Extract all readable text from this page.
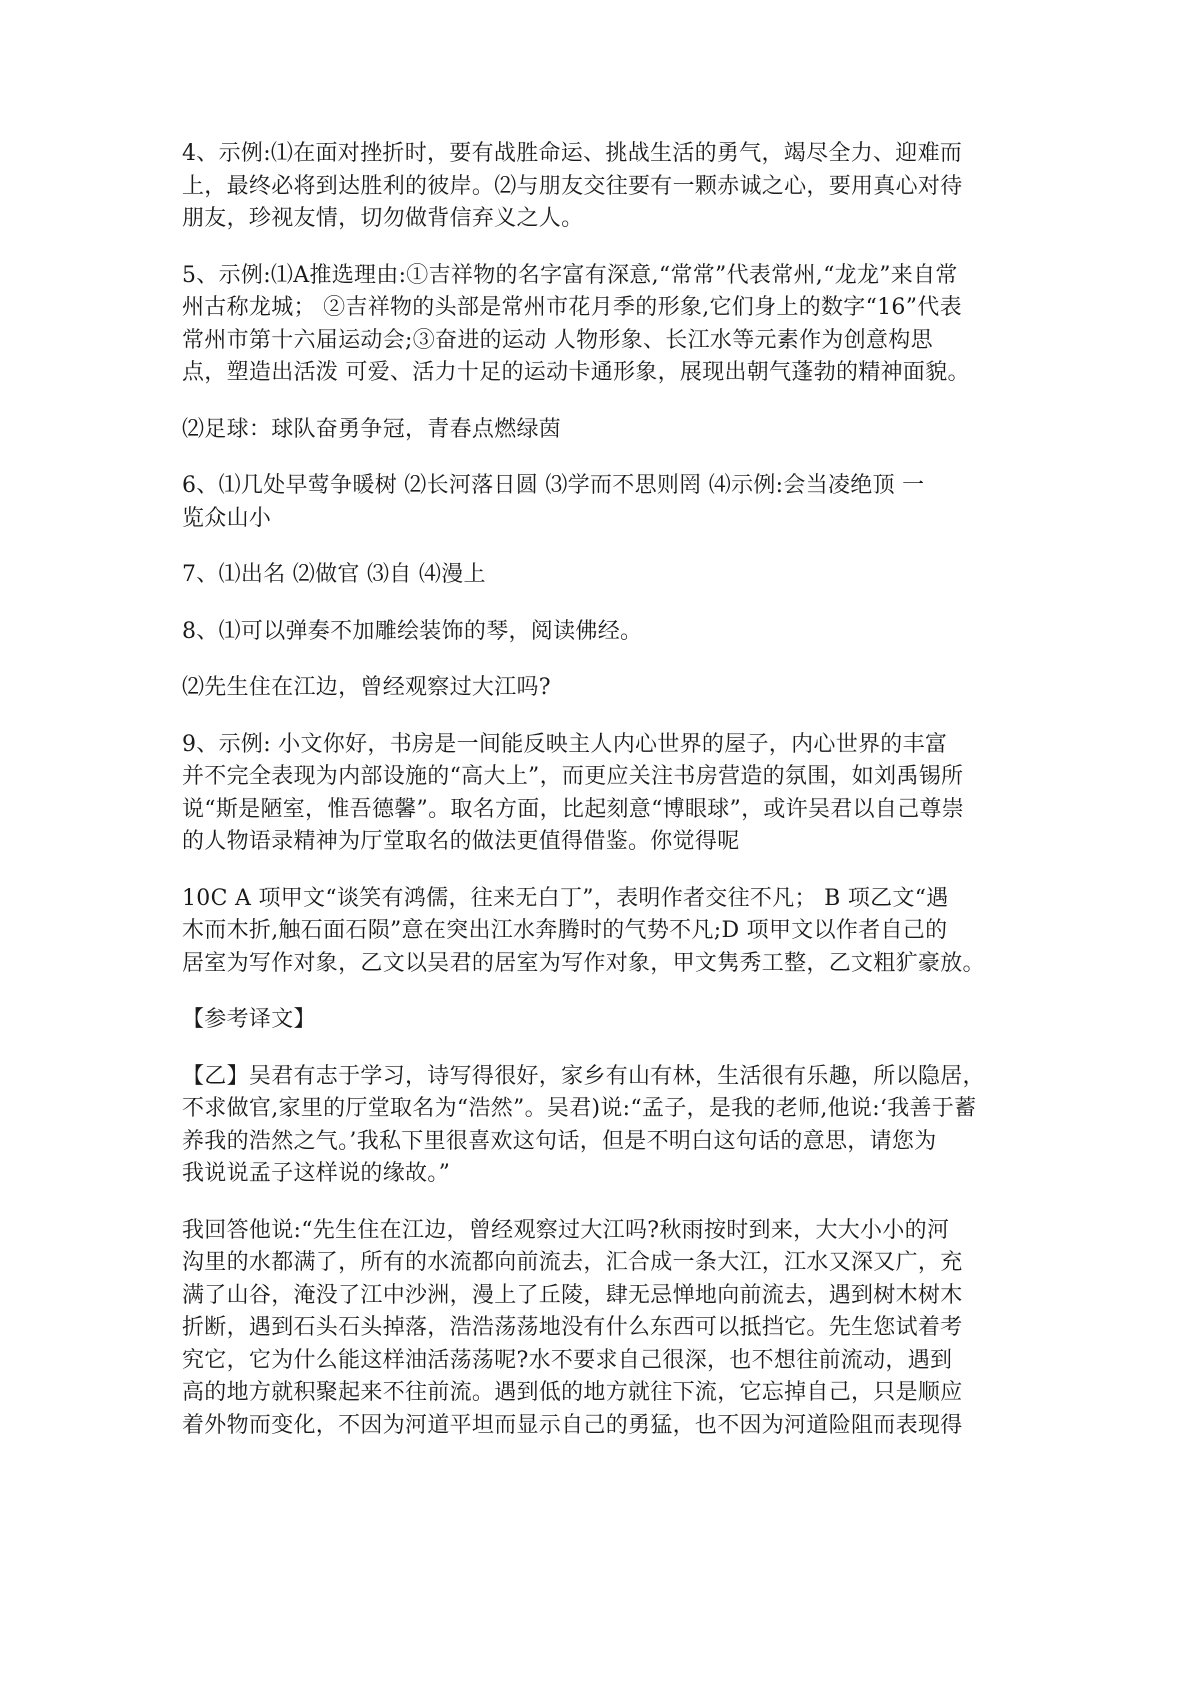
4、示例:⑴在面对挫折时，要有战胜命运、挑战生活的勇气，竭尽全力、迎难而
上，最终必将到达胜利的彼岸。⑵与朋友交往要有一颗赤诚之心，要用真心对待
朋友，珍视友情，切勿做背信弃义之人。
5、示例:⑴A推选理由:①吉祥物的名字富有深意,“常常”代表常州,“龙龙”来自常
州古称龙城； ②吉祥物的头部是常州市花月季的形象,它们身上的数字“16”代表
常州市第十六届运动会;③奋进的运动 人物形象、长江水等元素作为创意构思
点，塑造出活泼 可爱、活力十足的运动卡通形象，展现出朝气蓬勃的精神面貌。
⑵足球：球队奋勇争冠，青春点燃绿茵
6、⑴几处早莺争暖树 ⑵长河落日圆 ⑶学而不思则罔 ⑷示例:会当凌绝顶 一
览众山小
7、⑴出名 ⑵做官 ⑶自 ⑷漫上
8、⑴可以弹奏不加雕绘装饰的琴，阅读佛经。
⑵先生住在江边，曾经观察过大江吗?
9、示例: 小文你好，书房是一间能反映主人内心世界的屋子，内心世界的丰富
并不完全表现为内部设施的“高大上”，而更应关注书房营造的氛围，如刘禹锡所
说“斯是陋室，惟吾德馨”。取名方面，比起刻意“博眼球”，或许吴君以自己尊崇
的人物语录精神为厅堂取名的做法更值得借鉴。你觉得呢
10C A 项甲文“谈笑有鸿儒，往来无白丁”，表明作者交往不凡； B 项乙文“遇
木而木折,触石面石陨”意在突出江水奔腾时的气势不凡;D 项甲文以作者自己的
居室为写作对象，乙文以吴君的居室为写作对象，甲文隽秀工整，乙文粗犷豪放。
【参考译文】
【乙】吴君有志于学习，诗写得很好，家乡有山有林，生活很有乐趣，所以隐居，
不求做官,家里的厅堂取名为“浩然”。吴君)说:“孟子，是我的老师,他说:‘我善于蓄
养我的浩然之气。’我私下里很喜欢这句话，但是不明白这句话的意思，请您为
我说说孟子这样说的缘故。”
我回答他说:“先生住在江边，曾经观察过大江吗?秋雨按时到来，大大小小的河
沟里的水都满了，所有的水流都向前流去，汇合成一条大江，江水又深又广，充
满了山谷，淹没了江中沙洲，漫上了丘陵，肆无忌惮地向前流去，遇到树木树木
折断，遇到石头石头掉落，浩浩荡荡地没有什么东西可以抵挡它。先生您试着考
究它，它为什么能这样油活荡荡呢?水不要求自己很深，也不想往前流动，遇到
高的地方就积聚起来不往前流。遇到低的地方就往下流，它忘掉自己，只是顺应
着外物而变化，不因为河道平坦而显示自己的勇猛，也不因为河道险阻而表现得
